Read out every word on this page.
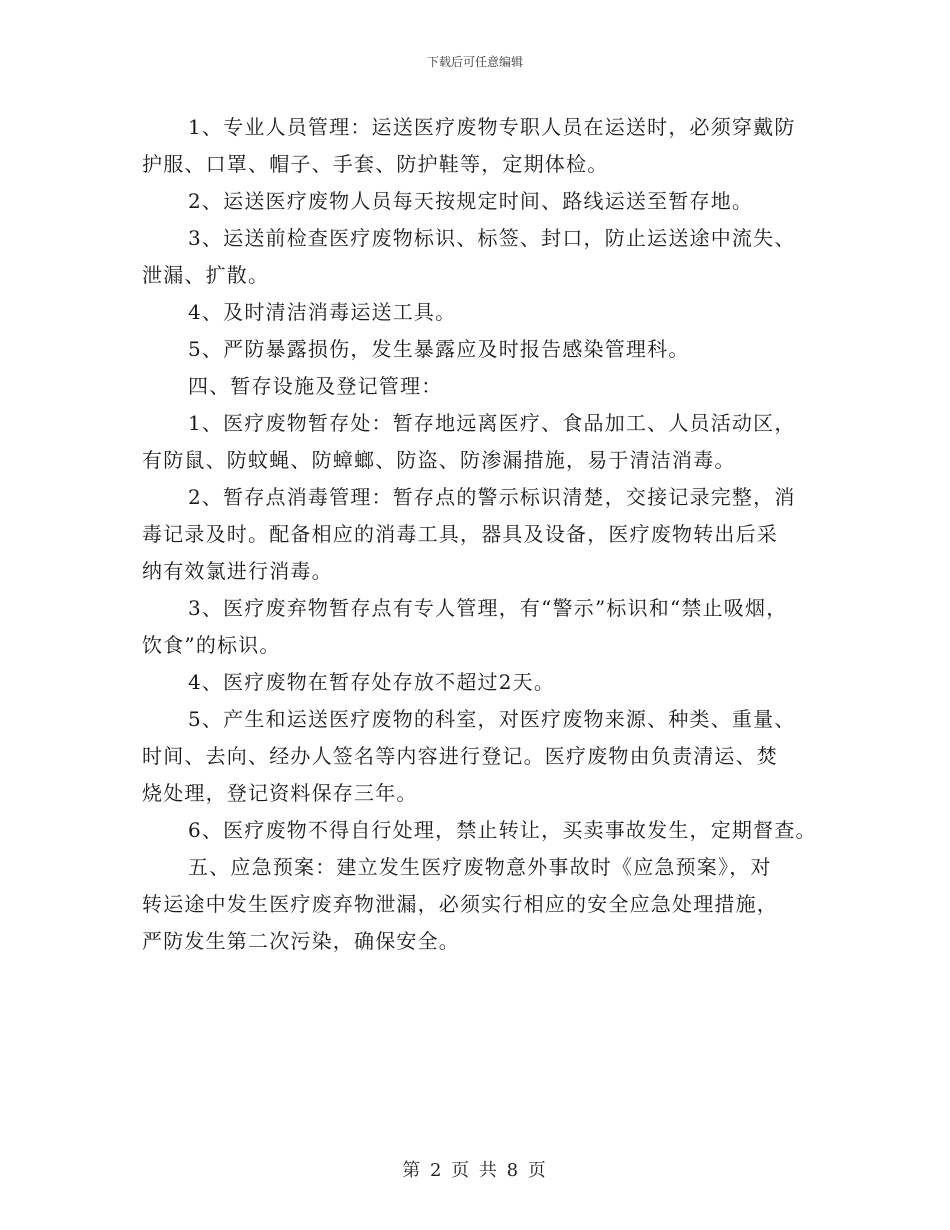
下载后可任意编辑
1、专业人员管理：运送医疗废物专职人员在运送时，必须穿戴防
护服、口罩、帽子、手套、防护鞋等，定期体检。
2、运送医疗废物人员每天按规定时间、路线运送至暂存地。
3、运送前检查医疗废物标识、标签、封口，防止运送途中流失、
泄漏、扩散。
4、及时清洁消毒运送工具。
5、严防暴露损伤，发生暴露应及时报告感染管理科。
四、暂存设施及登记管理：
1、医疗废物暂存处：暂存地远离医疗、食品加工、人员活动区，
有防鼠、防蚊蝇、防蟑螂、防盗、防渗漏措施，易于清洁消毒。
2、暂存点消毒管理：暂存点的警示标识清楚，交接记录完整，消
毒记录及时。配备相应的消毒工具，器具及设备，医疗废物转出后采
纳有效氯进行消毒。
3、医疗废弃物暂存点有专人管理，有“警示”标识和“禁止吸烟，
饮食”的标识。
4、医疗废物在暂存处存放不超过2天。
5、产生和运送医疗废物的科室，对医疗废物来源、种类、重量、
时间、去向、经办人签名等内容进行登记。医疗废物由负责清运、焚
烧处理，登记资料保存三年。
6、医疗废物不得自行处理，禁止转让，买卖事故发生，定期督查。
五、应急预案：建立发生医疗废物意外事故时《应急预案》，对
转运途中发生医疗废弃物泄漏，必须实行相应的安全应急处理措施，
严防发生第二次污染，确保安全。
第 2 页 共 8 页
